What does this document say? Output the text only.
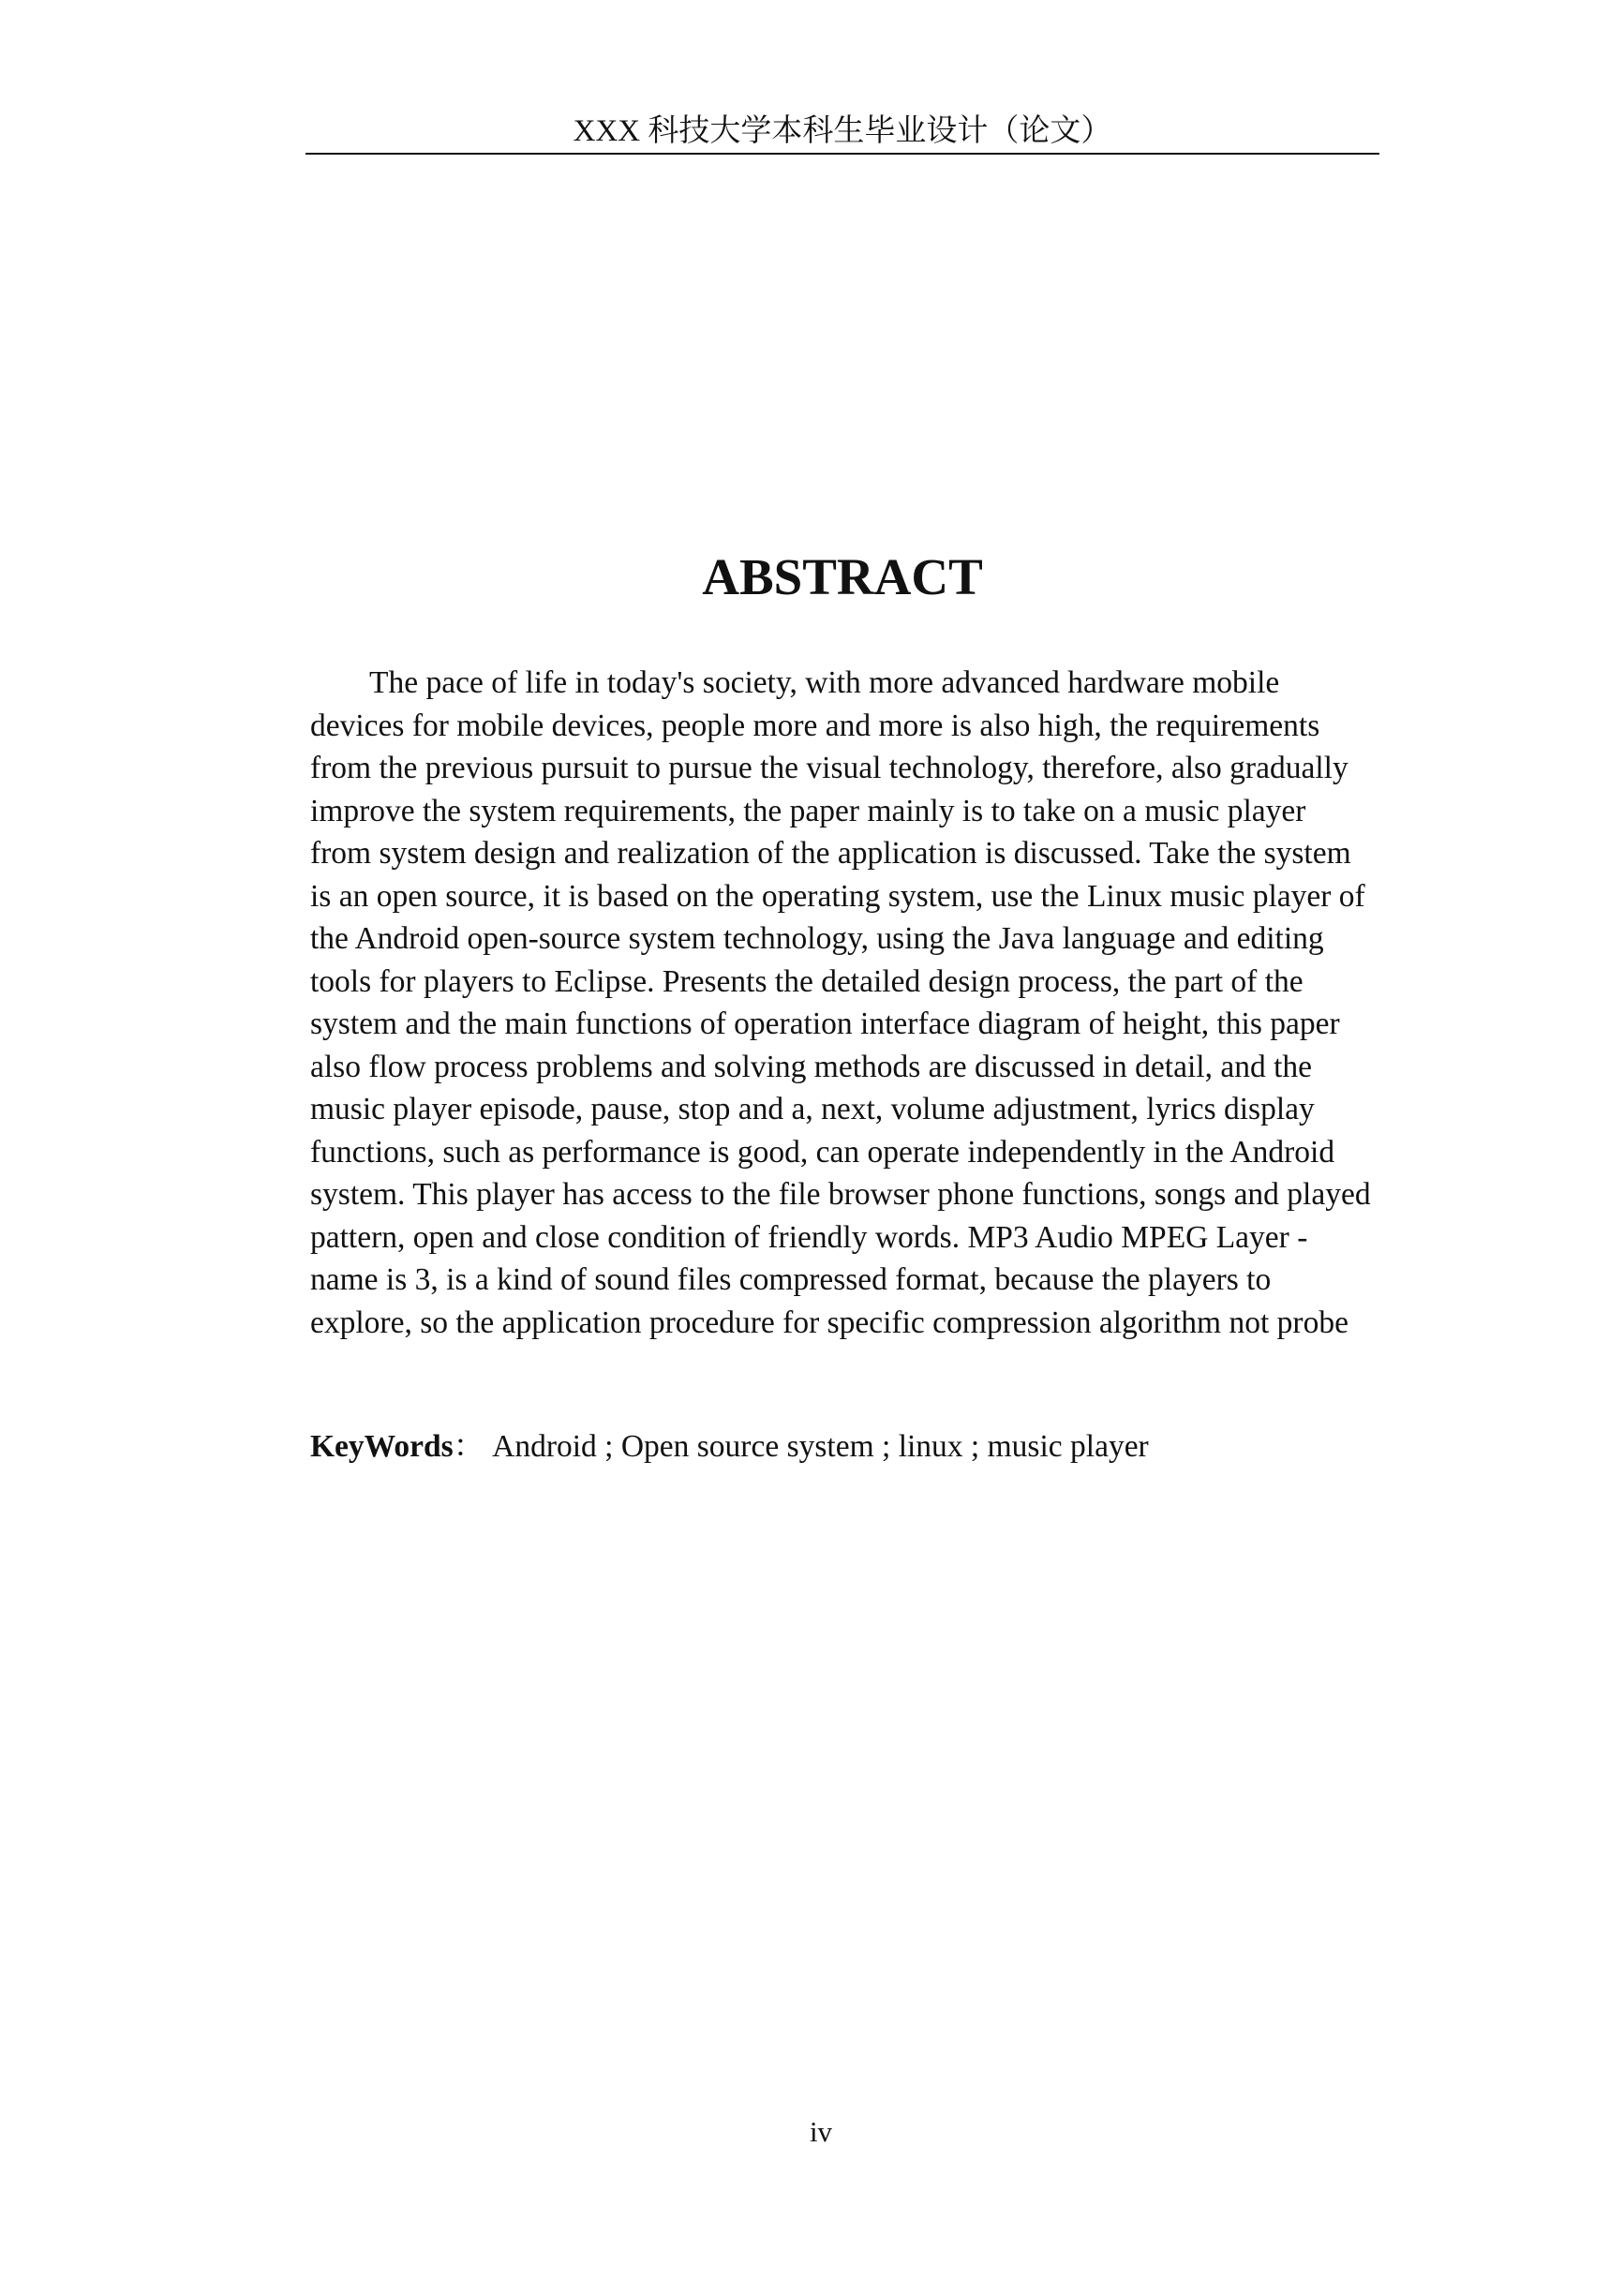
XXX 科技大学本科生毕业设计（论文）
ABSTRACT

The pace of life in today's society, with more advanced hardware mobile devices for mobile devices, people more and more is also high, the requirements from the previous pursuit to pursue the visual technology, therefore, also gradually improve the system requirements, the paper mainly is to take on a music player from system design and realization of the application is discussed. Take the system is an open source, it is based on the operating system, use the Linux music player of the Android open-source system technology, using the Java language and editing tools for players to Eclipse. Presents the detailed design process, the part of the system and the main functions of operation interface diagram of height, this paper also flow process problems and solving methods are discussed in detail, and the music player episode, pause, stop and a, next, volume adjustment, lyrics display functions, such as performance is good, can operate independently in the Android system. This player has access to the file browser phone functions, songs and played pattern, open and close condition of friendly words. MP3 Audio MPEG Layer - name is 3, is a kind of sound files compressed format, because the players to explore, so the application procedure for specific compression algorithm not probe

KeyWords： Android ; Open source system ; linux ; music player

iv
